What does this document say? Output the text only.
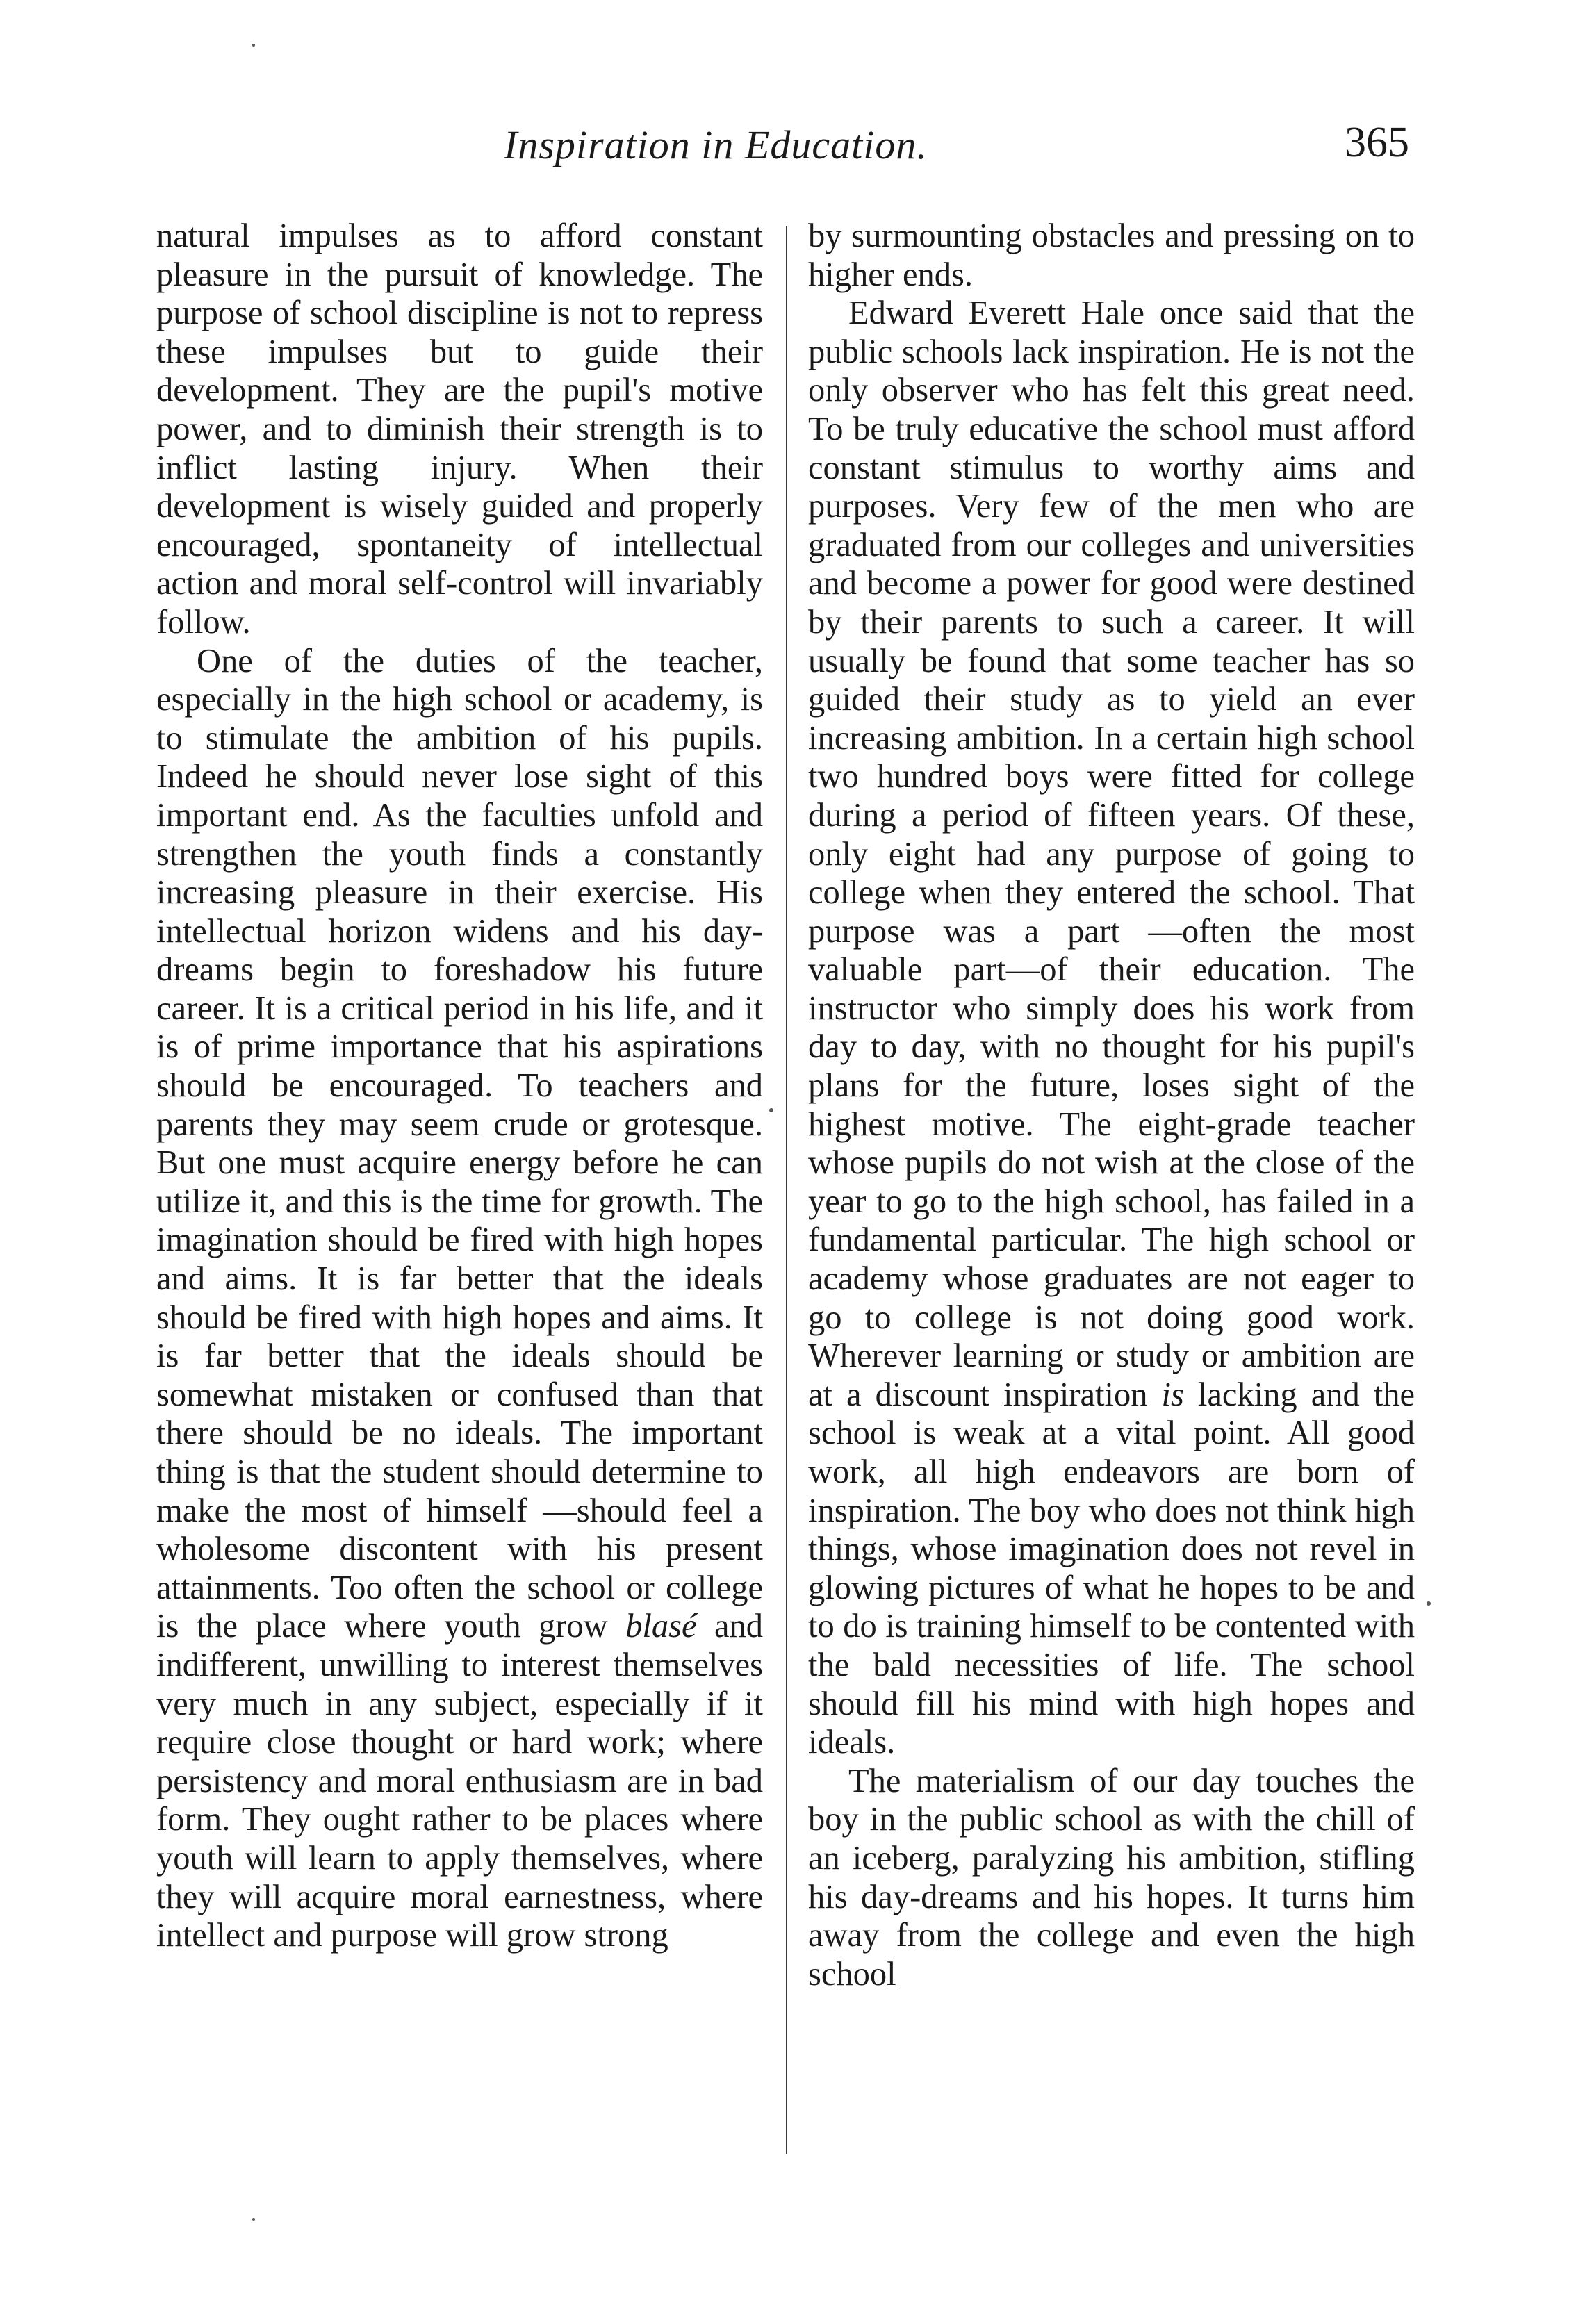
Inspiration in Education.	365

natural impulses as to afford constant pleasure in the pursuit of knowledge. The purpose of school discipline is not to repress these impulses but to guide their development. They are the pupil's motive power, and to diminish their strength is to inflict lasting injury. When their development is wisely guided and properly encouraged, spontaneity of intellectual action and moral self-control will invariably follow.

One of the duties of the teacher, especially in the high school or academy, is to stimulate the ambition of his pupils. Indeed he should never lose sight of this important end. As the faculties unfold and strengthen the youth finds a constantly increasing pleasure in their exercise. His intellectual horizon widens and his day-dreams begin to foreshadow his future career. It is a critical period in his life, and it is of prime importance that his aspirations should be encouraged. To teachers and parents they may seem crude or grotesque. But one must acquire energy before he can utilize it, and this is the time for growth. The imagination should be fired with high hopes and aims. It is far better that the ideals should be fired with high hopes and aims. It is far better that the ideals should be somewhat mistaken or confused than that there should be no ideals. The important thing is that the student should determine to make the most of himself —should feel a wholesome discontent with his present attainments. Too often the school or college is the place where youth grow blasé and indifferent, unwilling to interest themselves very much in any subject, especially if it require close thought or hard work; where persistency and moral enthusiasm are in bad form. They ought rather to be places where youth will learn to apply themselves, where they will acquire moral earnestness, where intellect and purpose will grow strong

by surmounting obstacles and pressing on to higher ends.

Edward Everett Hale once said that the public schools lack inspiration. He is not the only observer who has felt this great need. To be truly educative the school must afford constant stimulus to worthy aims and purposes. Very few of the men who are graduated from our colleges and universities and become a power for good were destined by their parents to such a career. It will usually be found that some teacher has so guided their study as to yield an ever increasing ambition. In a certain high school two hundred boys were fitted for college during a period of fifteen years. Of these, only eight had any purpose of going to college when they entered the school. That purpose was a part —often the most valuable part—of their education. The instructor who simply does his work from day to day, with no thought for his pupil's plans for the future, loses sight of the highest motive. The eight-grade teacher whose pupils do not wish at the close of the year to go to the high school, has failed in a fundamental particular. The high school or academy whose graduates are not eager to go to college is not doing good work. Wherever learning or study or ambition are at a discount inspiration is lacking and the school is weak at a vital point. All good work, all high endeavors are born of inspiration. The boy who does not think high things, whose imagination does not revel in glowing pictures of what he hopes to be and to do is training himself to be contented with the bald necessities of life. The school should fill his mind with high hopes and ideals.

The materialism of our day touches the boy in the public school as with the chill of an iceberg, paralyzing his ambition, stifling his day-dreams and his hopes. It turns him away from the college and even the high school
